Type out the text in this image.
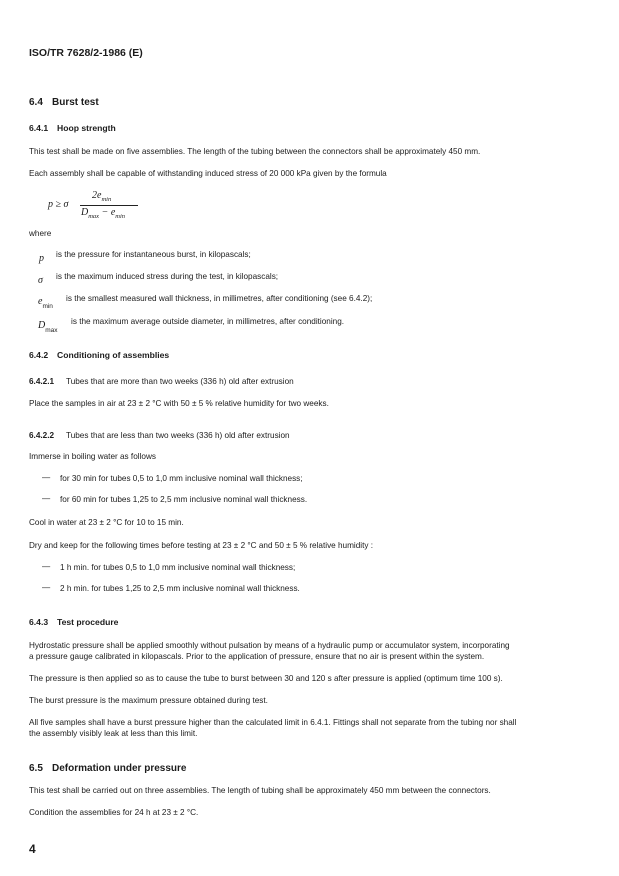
ISO/TR 7628/2-1986 (E)
6.4 Burst test
6.4.1 Hoop strength
This test shall be made on five assemblies. The length of the tubing between the connectors shall be approximately 450 mm.
Each assembly shall be capable of withstanding induced stress of 20 000 kPa given by the formula
p ≥ σ
$2e_{min}$
$D_{max} - e_{min}$
where
p is the pressure for instantaneous burst, in kilopascals;
σ is the maximum induced stress during the test, in kilopascals;
$e_{min}$
is the smallest measured wall thickness, in millimetres, after conditioning (see 6.4.2);
$D_{max}$
is the maximum average outside diameter, in millimetres, after conditioning.
6.4.2 Conditioning of assemblies
6.4.2.1 Tubes that are more than two weeks (336 h) old after extrusion
Place the samples in air at 23 ± 2 °C with 50 ± 5 % relative humidity for two weeks.
6.4.2.2 Tubes that are less than two weeks (336 h) old after extrusion
Immerse in boiling water as follows
— for 30 min for tubes 0,5 to 1,0 mm inclusive nominal wall thickness;
— for 60 min for tubes 1,25 to 2,5 mm inclusive nominal wall thickness.
Cool in water at 23 ± 2 °C for 10 to 15 min.
Dry and keep for the following times before testing at 23 ± 2 °C and 50 ± 5 % relative humidity :
— 1 h min. for tubes 0,5 to 1,0 mm inclusive nominal wall thickness;
— 2 h min. for tubes 1,25 to 2,5 mm inclusive nominal wall thickness.
6.4.3 Test procedure
Hydrostatic pressure shall be applied smoothly without pulsation by means of a hydraulic pump or accumulator system, incorporating
a pressure gauge calibrated in kilopascals. Prior to the application of pressure, ensure that no air is present within the system.
The pressure is then applied so as to cause the tube to burst between 30 and 120 s after pressure is applied (optimum time 100 s).
The burst pressure is the maximum pressure obtained during test.
All five samples shall have a burst pressure higher than the calculated limit in 6.4.1. Fittings shall not separate from the tubing nor shall
the assembly visibly leak at less than this limit.
6.5 Deformation under pressure
This test shall be carried out on three assemblies. The length of tubing shall be approximately 450 mm between the connectors.
Condition the assemblies for 24 h at 23 ± 2 °C.
4
